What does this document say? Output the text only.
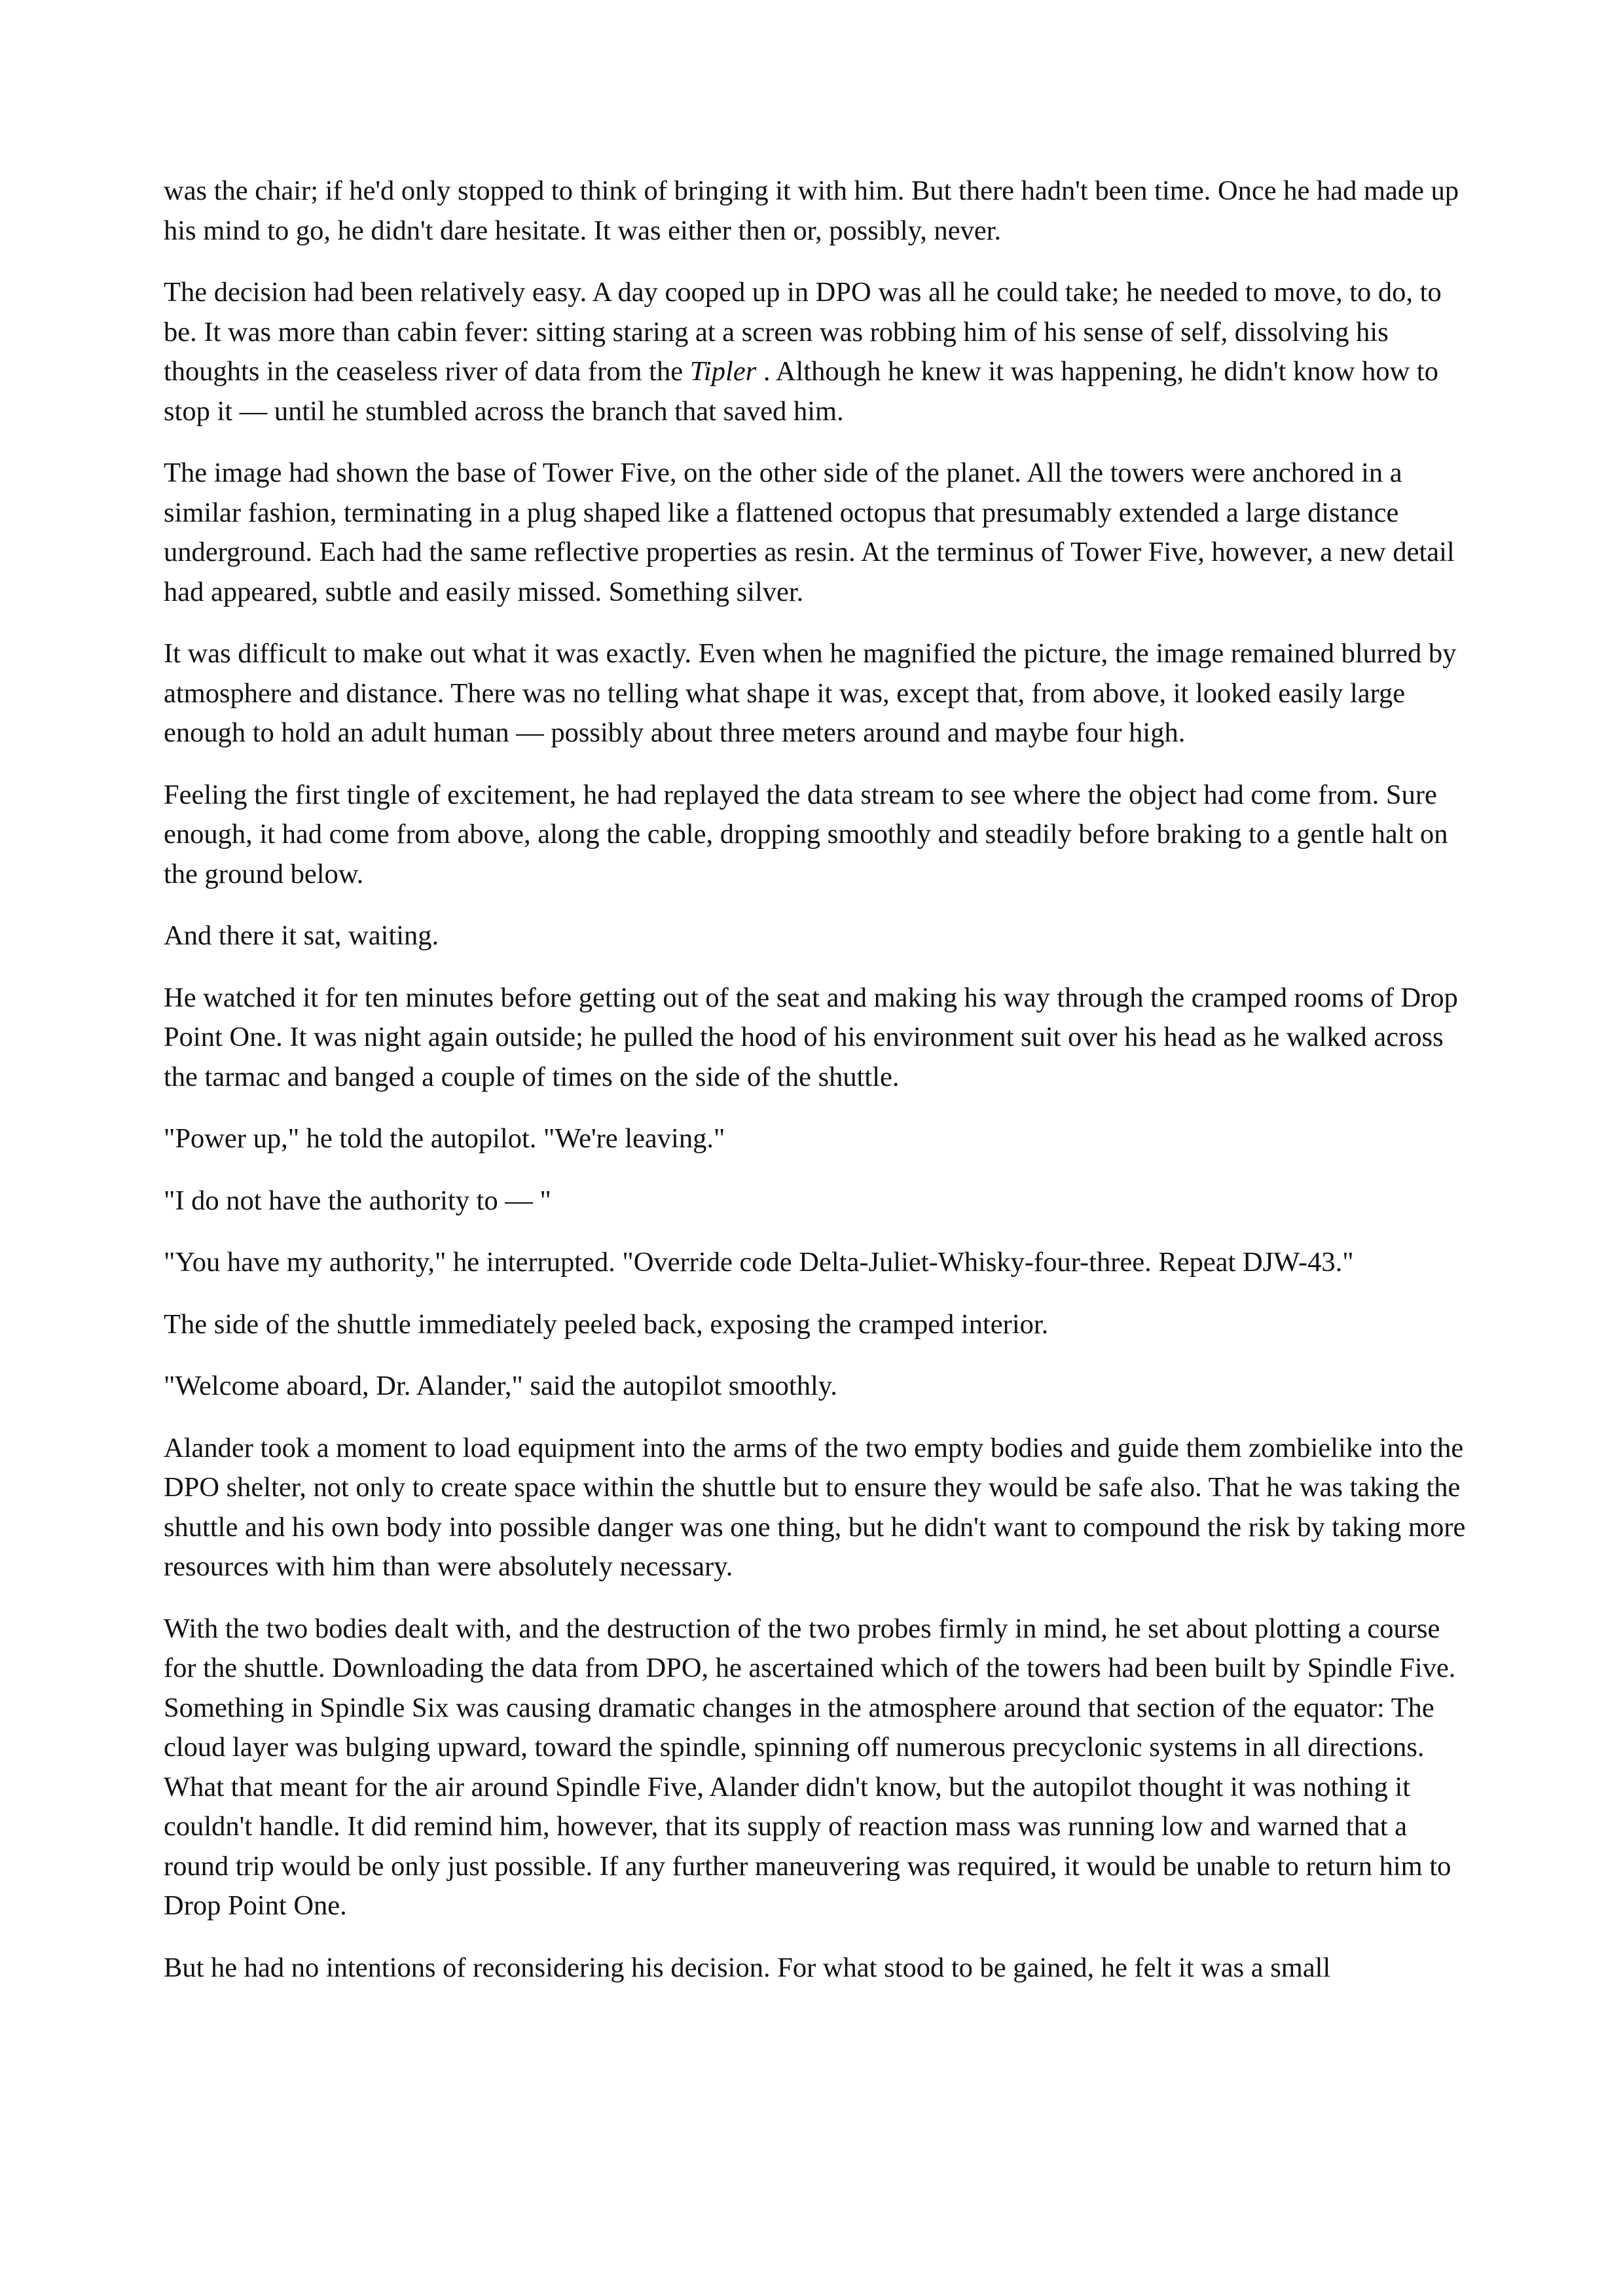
was the chair; if he'd only stopped to think of bringing it with him. But there hadn't been time. Once he had made up his mind to go, he didn't dare hesitate. It was either then or, possibly, never.

The decision had been relatively easy. A day cooped up in DPO was all he could take; he needed to move, to do, to be. It was more than cabin fever: sitting staring at a screen was robbing him of his sense of self, dissolving his thoughts in the ceaseless river of data from the Tipler . Although he knew it was happening, he didn't know how to stop it — until he stumbled across the branch that saved him.

The image had shown the base of Tower Five, on the other side of the planet. All the towers were anchored in a similar fashion, terminating in a plug shaped like a flattened octopus that presumably extended a large distance underground. Each had the same reflective properties as resin. At the terminus of Tower Five, however, a new detail had appeared, subtle and easily missed. Something silver.

It was difficult to make out what it was exactly. Even when he magnified the picture, the image remained blurred by atmosphere and distance. There was no telling what shape it was, except that, from above, it looked easily large enough to hold an adult human — possibly about three meters around and maybe four high.

Feeling the first tingle of excitement, he had replayed the data stream to see where the object had come from. Sure enough, it had come from above, along the cable, dropping smoothly and steadily before braking to a gentle halt on the ground below.

And there it sat, waiting.

He watched it for ten minutes before getting out of the seat and making his way through the cramped rooms of Drop Point One. It was night again outside; he pulled the hood of his environment suit over his head as he walked across the tarmac and banged a couple of times on the side of the shuttle.

"Power up," he told the autopilot. "We're leaving."

"I do not have the authority to — "

"You have my authority," he interrupted. "Override code Delta-Juliet-Whisky-four-three. Repeat DJW-43."

The side of the shuttle immediately peeled back, exposing the cramped interior.

"Welcome aboard, Dr. Alander," said the autopilot smoothly.

Alander took a moment to load equipment into the arms of the two empty bodies and guide them zombielike into the DPO shelter, not only to create space within the shuttle but to ensure they would be safe also. That he was taking the shuttle and his own body into possible danger was one thing, but he didn't want to compound the risk by taking more resources with him than were absolutely necessary.

With the two bodies dealt with, and the destruction of the two probes firmly in mind, he set about plotting a course for the shuttle. Downloading the data from DPO, he ascertained which of the towers had been built by Spindle Five. Something in Spindle Six was causing dramatic changes in the atmosphere around that section of the equator: The cloud layer was bulging upward, toward the spindle, spinning off numerous precyclonic systems in all directions. What that meant for the air around Spindle Five, Alander didn't know, but the autopilot thought it was nothing it couldn't handle. It did remind him, however, that its supply of reaction mass was running low and warned that a round trip would be only just possible. If any further maneuvering was required, it would be unable to return him to Drop Point One.

But he had no intentions of reconsidering his decision. For what stood to be gained, he felt it was a small
